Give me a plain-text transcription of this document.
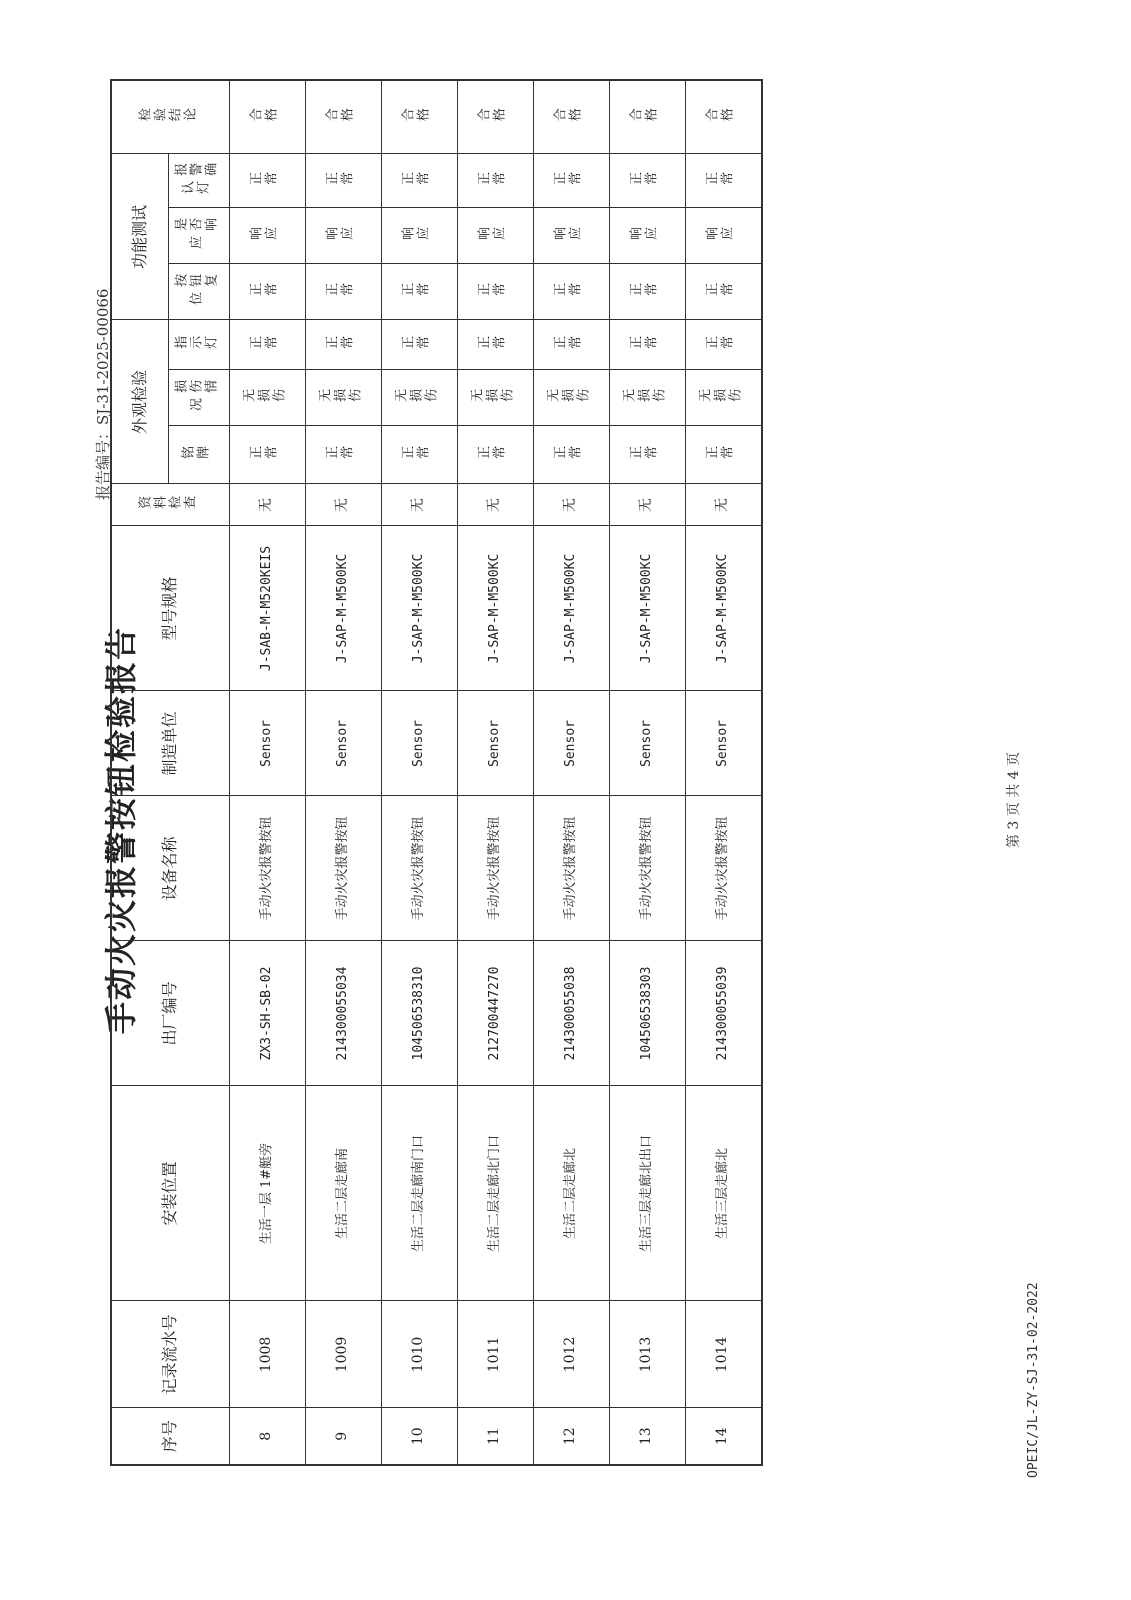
OPEIC/JL-ZY-SJ-31-02-2022
手动火灾报警按钮检验报告
报告编号：SJ-31-2025-00066
序号	记录流水号	安装位置	出厂编号	设备名称	制造单位	型号规格	资料检查	外观检验			功能测试			检验结论
								铭牌	损伤情况	指示灯	按钮复位	是否响应	报警确认灯	
8	1008	生活一层 1#艇旁	ZX3-SH-SB-02	手动火灾报警按钮	Sensor	J-SAB-M-M520KEIS	无	正常	无损伤	正常	正常	响应	正常	合格
9	1009	生活二层走廊南	214300055034	手动火灾报警按钮	Sensor	J-SAP-M-M500KC	无	正常	无损伤	正常	正常	响应	正常	合格
10	1010	生活二层走廊南门口	104506538310	手动火灾报警按钮	Sensor	J-SAP-M-M500KC	无	正常	无损伤	正常	正常	响应	正常	合格
11	1011	生活二层走廊北门口	212700447270	手动火灾报警按钮	Sensor	J-SAP-M-M500KC	无	正常	无损伤	正常	正常	响应	正常	合格
12	1012	生活二层走廊北	214300055038	手动火灾报警按钮	Sensor	J-SAP-M-M500KC	无	正常	无损伤	正常	正常	响应	正常	合格
13	1013	生活三层走廊北出口	104506538303	手动火灾报警按钮	Sensor	J-SAP-M-M500KC	无	正常	无损伤	正常	正常	响应	正常	合格
14	1014	生活三层走廊北	214300055039	手动火灾报警按钮	Sensor	J-SAP-M-M500KC	无	正常	无损伤	正常	正常	响应	正常	合格
第 3 页 共 4 页
